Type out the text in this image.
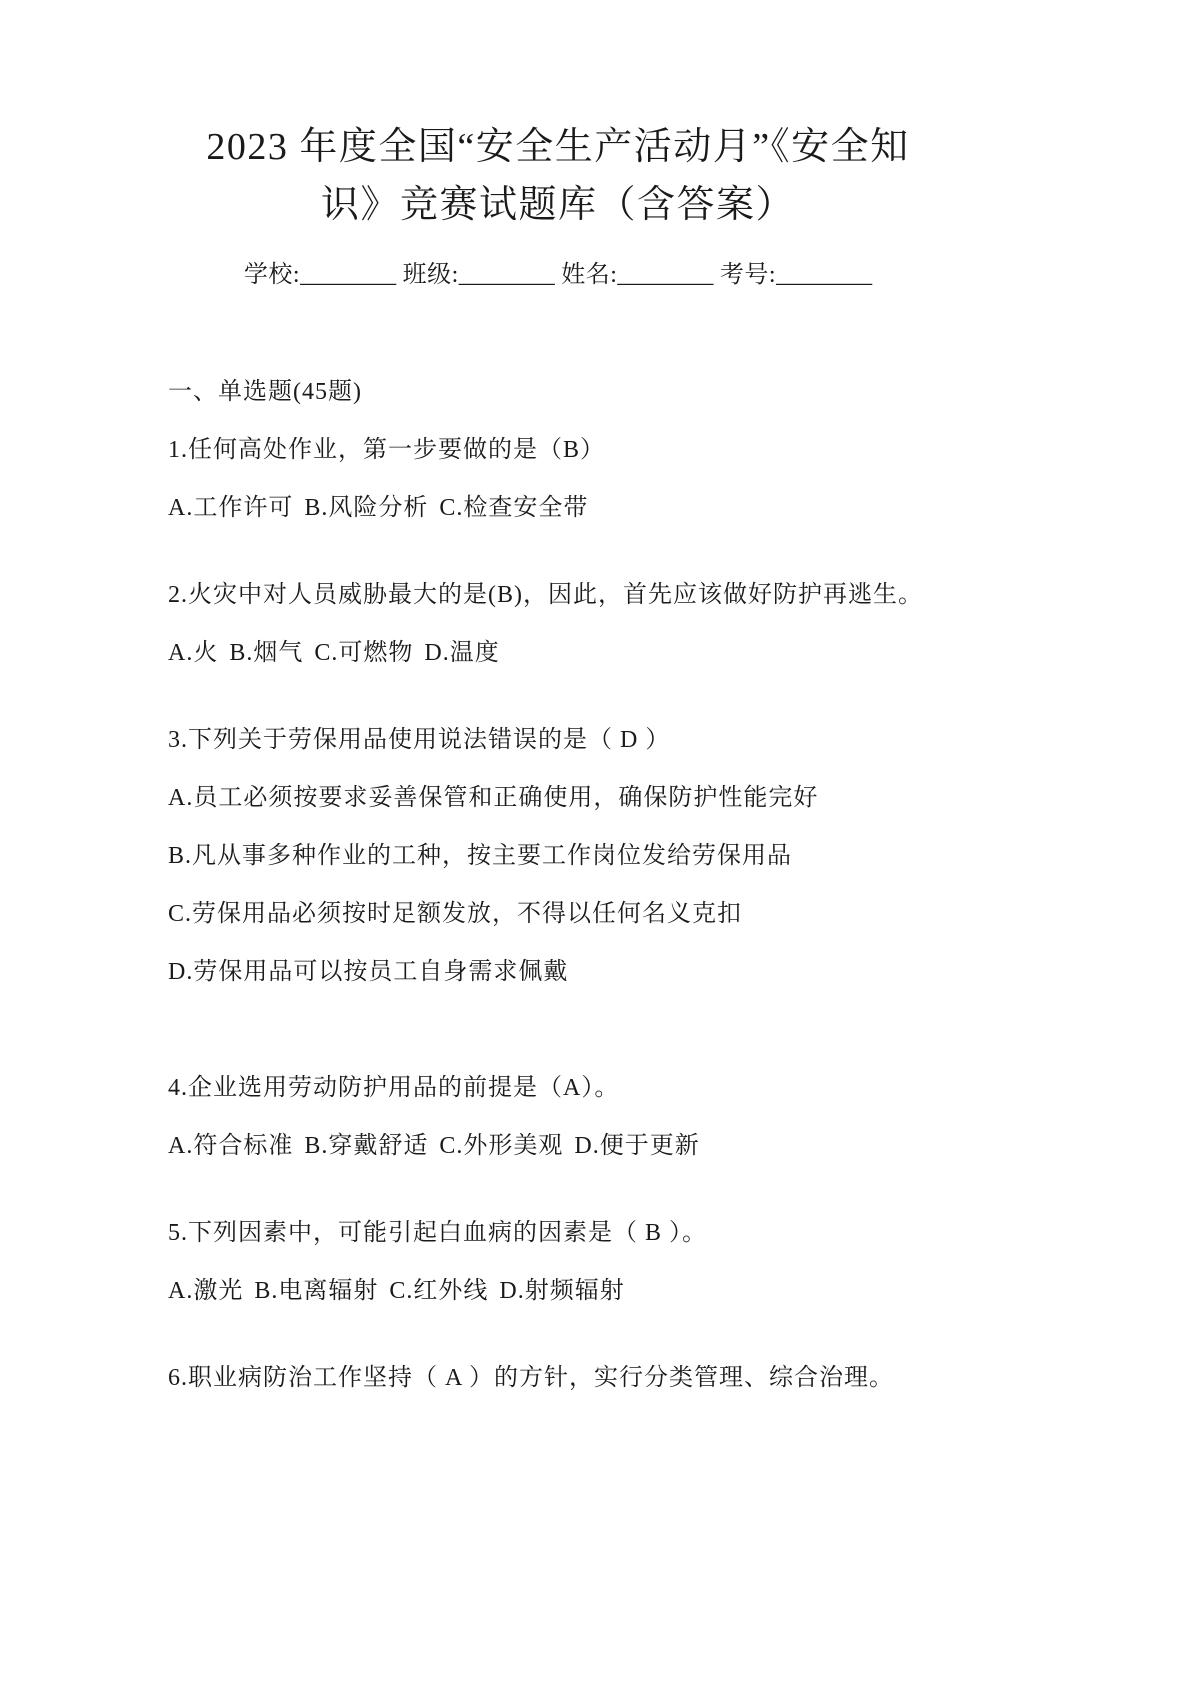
2023 年度全国“安全生产活动月”《安全知
识》竞赛试题库（含答案）
学校:________ 班级:________ 姓名:________ 考号:________
一、单选题(45题)
1.任何高处作业，第一步要做的是（B）
A.工作许可 B.风险分析 C.检查安全带
2.火灾中对人员威胁最大的是(B)，因此，首先应该做好防护再逃生。
A.火 B.烟气 C.可燃物 D.温度
3.下列关于劳保用品使用说法错误的是（ D ）
A.员工必须按要求妥善保管和正确使用，确保防护性能完好
B.凡从事多种作业的工种，按主要工作岗位发给劳保用品
C.劳保用品必须按时足额发放，不得以任何名义克扣
D.劳保用品可以按员工自身需求佩戴
4.企业选用劳动防护用品的前提是（A）。
A.符合标准 B.穿戴舒适 C.外形美观 D.便于更新
5.下列因素中，可能引起白血病的因素是（ B ）。
A.激光 B.电离辐射 C.红外线 D.射频辐射
6.职业病防治工作坚持（ A ）的方针，实行分类管理、综合治理。
